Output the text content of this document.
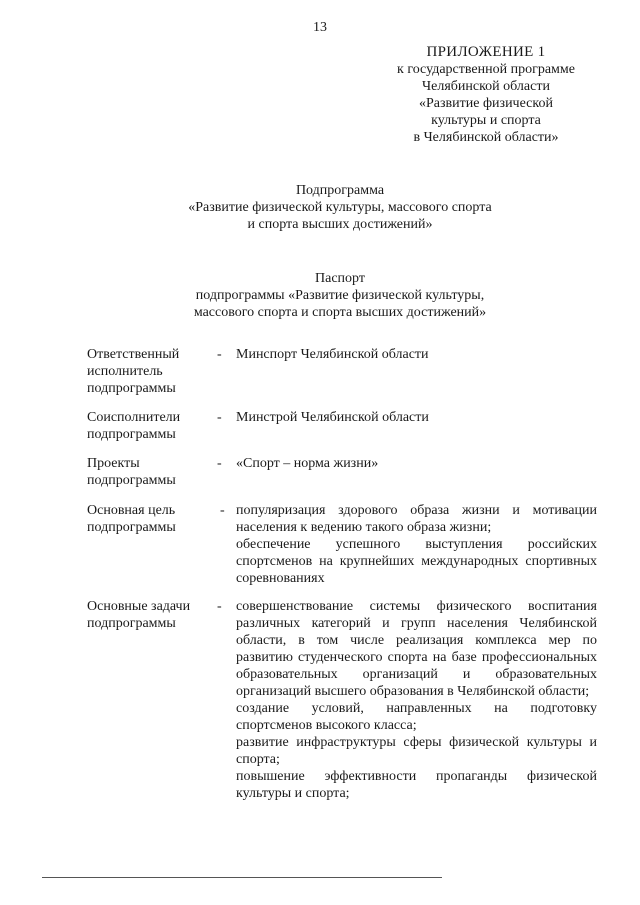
13
ПРИЛОЖЕНИЕ 1
к государственной программе
Челябинской области
«Развитие физической
культуры и спорта
в Челябинской области»
Подпрограмма
«Развитие физической культуры, массового спорта
и спорта высших достижений»
Паспорт
подпрограммы «Развитие физической культуры,
массового спорта и спорта высших достижений»
Ответственный
исполнитель
подпрограммы
- Минспорт Челябинской области

Соисполнители
подпрограммы
- Минстрой Челябинской области

Проекты
подпрограммы
- «Спорт – норма жизни»

Основная цель
подпрограммы
- популяризация здорового образа жизни и мотивации населения к ведению такого образа жизни;

обеспечение успешного выступления российских спортсменов на крупнейших международных спортивных соревнованиях

Основные задачи
подпрограммы
- совершенствование системы физического воспитания различных категорий и групп населения Челябинской области, в том числе реализация комплекса мер по развитию студенческого спорта на базе профессиональных образовательных организаций и образовательных организаций высшего образования в Челябинской области;

создание условий, направленных на подготовку спортсменов высокого класса;

развитие инфраструктуры сферы физической культуры и спорта;

повышение эффективности пропаганды физической культуры и спорта;
